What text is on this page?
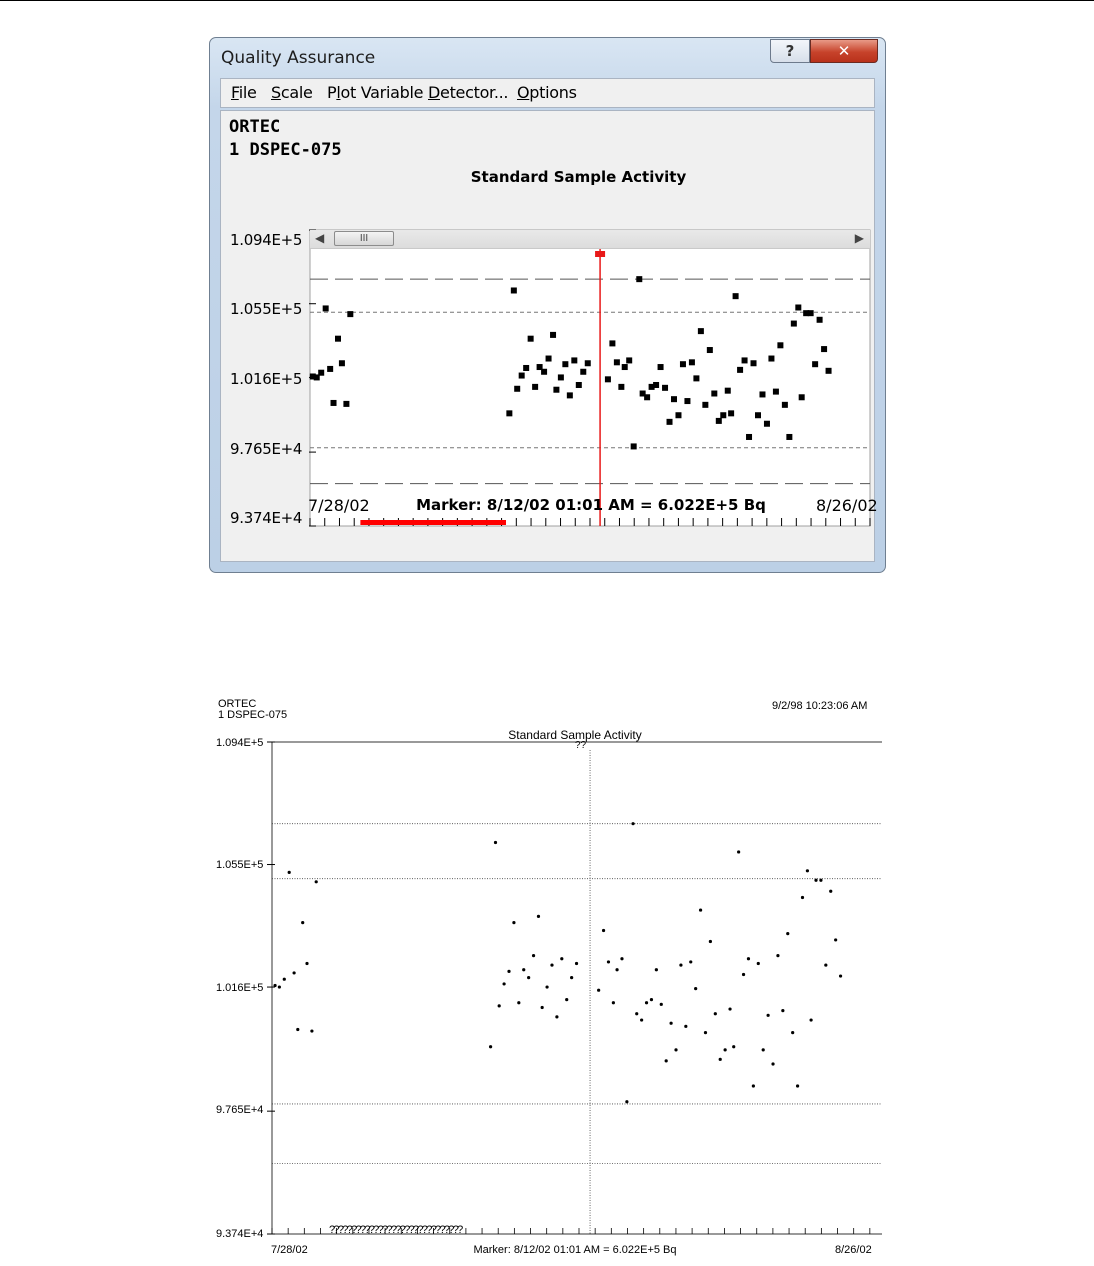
Quality Assurance	?	✕
File Scale Plot Variable Detector... Options
ORTEC
1 DSPEC-075
Standard Sample Activity
1.094E+5
1.055E+5
1.016E+5
9.765E+4
9.374E+4
◀	III	▶
7/28/02	Marker: 8/12/02 01:01 AM = 6.022E+5 Bq	8/26/02
ORTEC
1 DSPEC-075
9/2/98 10:23:06 AM
Standard Sample Activity
1.094E+5
1.055E+5
1.016E+5
9.765E+4
9.374E+4
??
??????????????????????????????
7/28/02	Marker: 8/12/02 01:01 AM = 6.022E+5 Bq	8/26/02
